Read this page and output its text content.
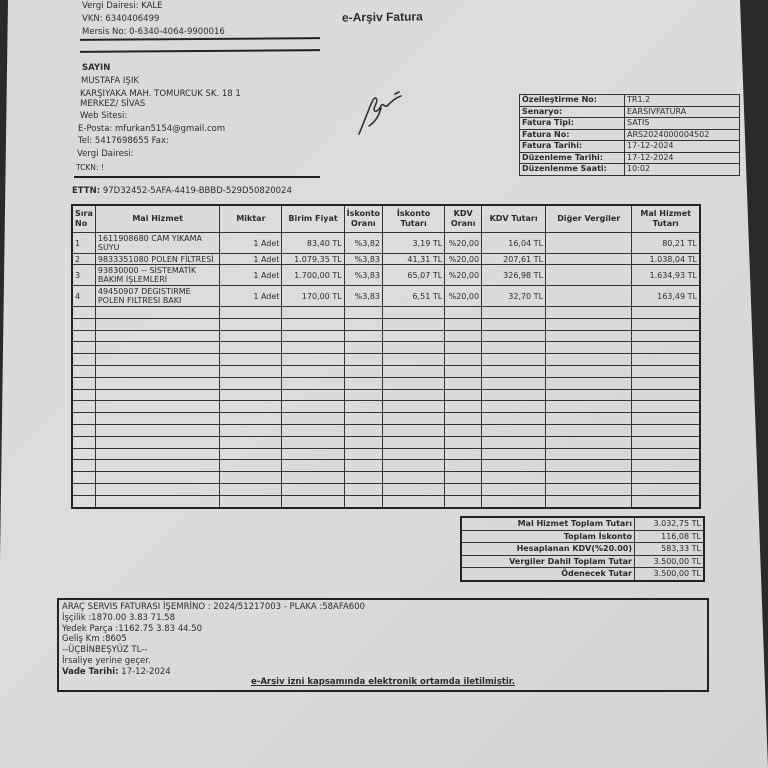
Vergi Dairesi: KALE
VKN: 6340406499
Mersis No: 0-6340-4064-9900016
e-Arşiv Fatura
SAYIN
MUSTAFA IŞIK
KARŞIYAKA MAH. TOMURCUK SK. 18 1
MERKEZ/ SİVAS
Web Sitesi:
E-Posta: mfurkan5154@gmail.com
Tel: 5417698655 Fax:
Vergi Dairesi:
TCKN: !
ETTN: 97D32452-5AFA-4419-BBBD-529D50820024
Özelleştirme No:	TR1.2
Senaryo:	EARSIVFATURA
Fatura Tipi:	SATIS
Fatura No:	ARS2024000004502
Fatura Tarihi:	17-12-2024
Düzenleme Tarihi:	17-12-2024
Düzenlenme Saati:	10:02
Sıra No	Mal Hizmet	Miktar	Birim Fiyat	İskonto Oranı	İskonto Tutarı	KDV Oranı	KDV Tutarı	Diğer Vergiler	Mal Hizmet Tutarı
1	1611908680 CAM YIKAMA SUYU	1 Adet	83,40 TL	%3,82	3,19 TL	%20,00	16,04 TL		80,21 TL
2	9833351080 POLEN FİLTRESİ	1 Adet	1.079,35 TL	%3,83	41,31 TL	%20,00	207,61 TL		1.038,04 TL
3	93830000 -- SİSTEMATİK BAKIM İŞLEMLERİ	1 Adet	1.700,00 TL	%3,83	65,07 TL	%20,00	326,98 TL		1.634,93 TL
4	49450907 DEGISTIRME POLEN FILTRESI BAKI	1 Adet	170,00 TL	%3,83	6,51 TL	%20,00	32,70 TL		163,49 TL

Mal Hizmet Toplam Tutarı	3.032,75 TL
Toplam İskonto	116,08 TL
Hesaplanan KDV(%20.00)	583,33 TL
Vergiler Dahil Toplam Tutar	3.500,00 TL
Ödenecek Tutar	3.500,00 TL
ARAÇ SERVIS FATURASI İŞEMRİNO : 2024/51217003 - PLAKA :58AFA600
İşçilik :1870.00 3.83 71.58
Yedek Parça :1162.75 3.83 44.50
Geliş Km :8605
--ÜÇBİNBEŞYÜZ TL--
İrsaliye yerine geçer.
Vade Tarihi: 17-12-2024
e-Arşiv izni kapsamında elektronik ortamda iletilmiştir.
